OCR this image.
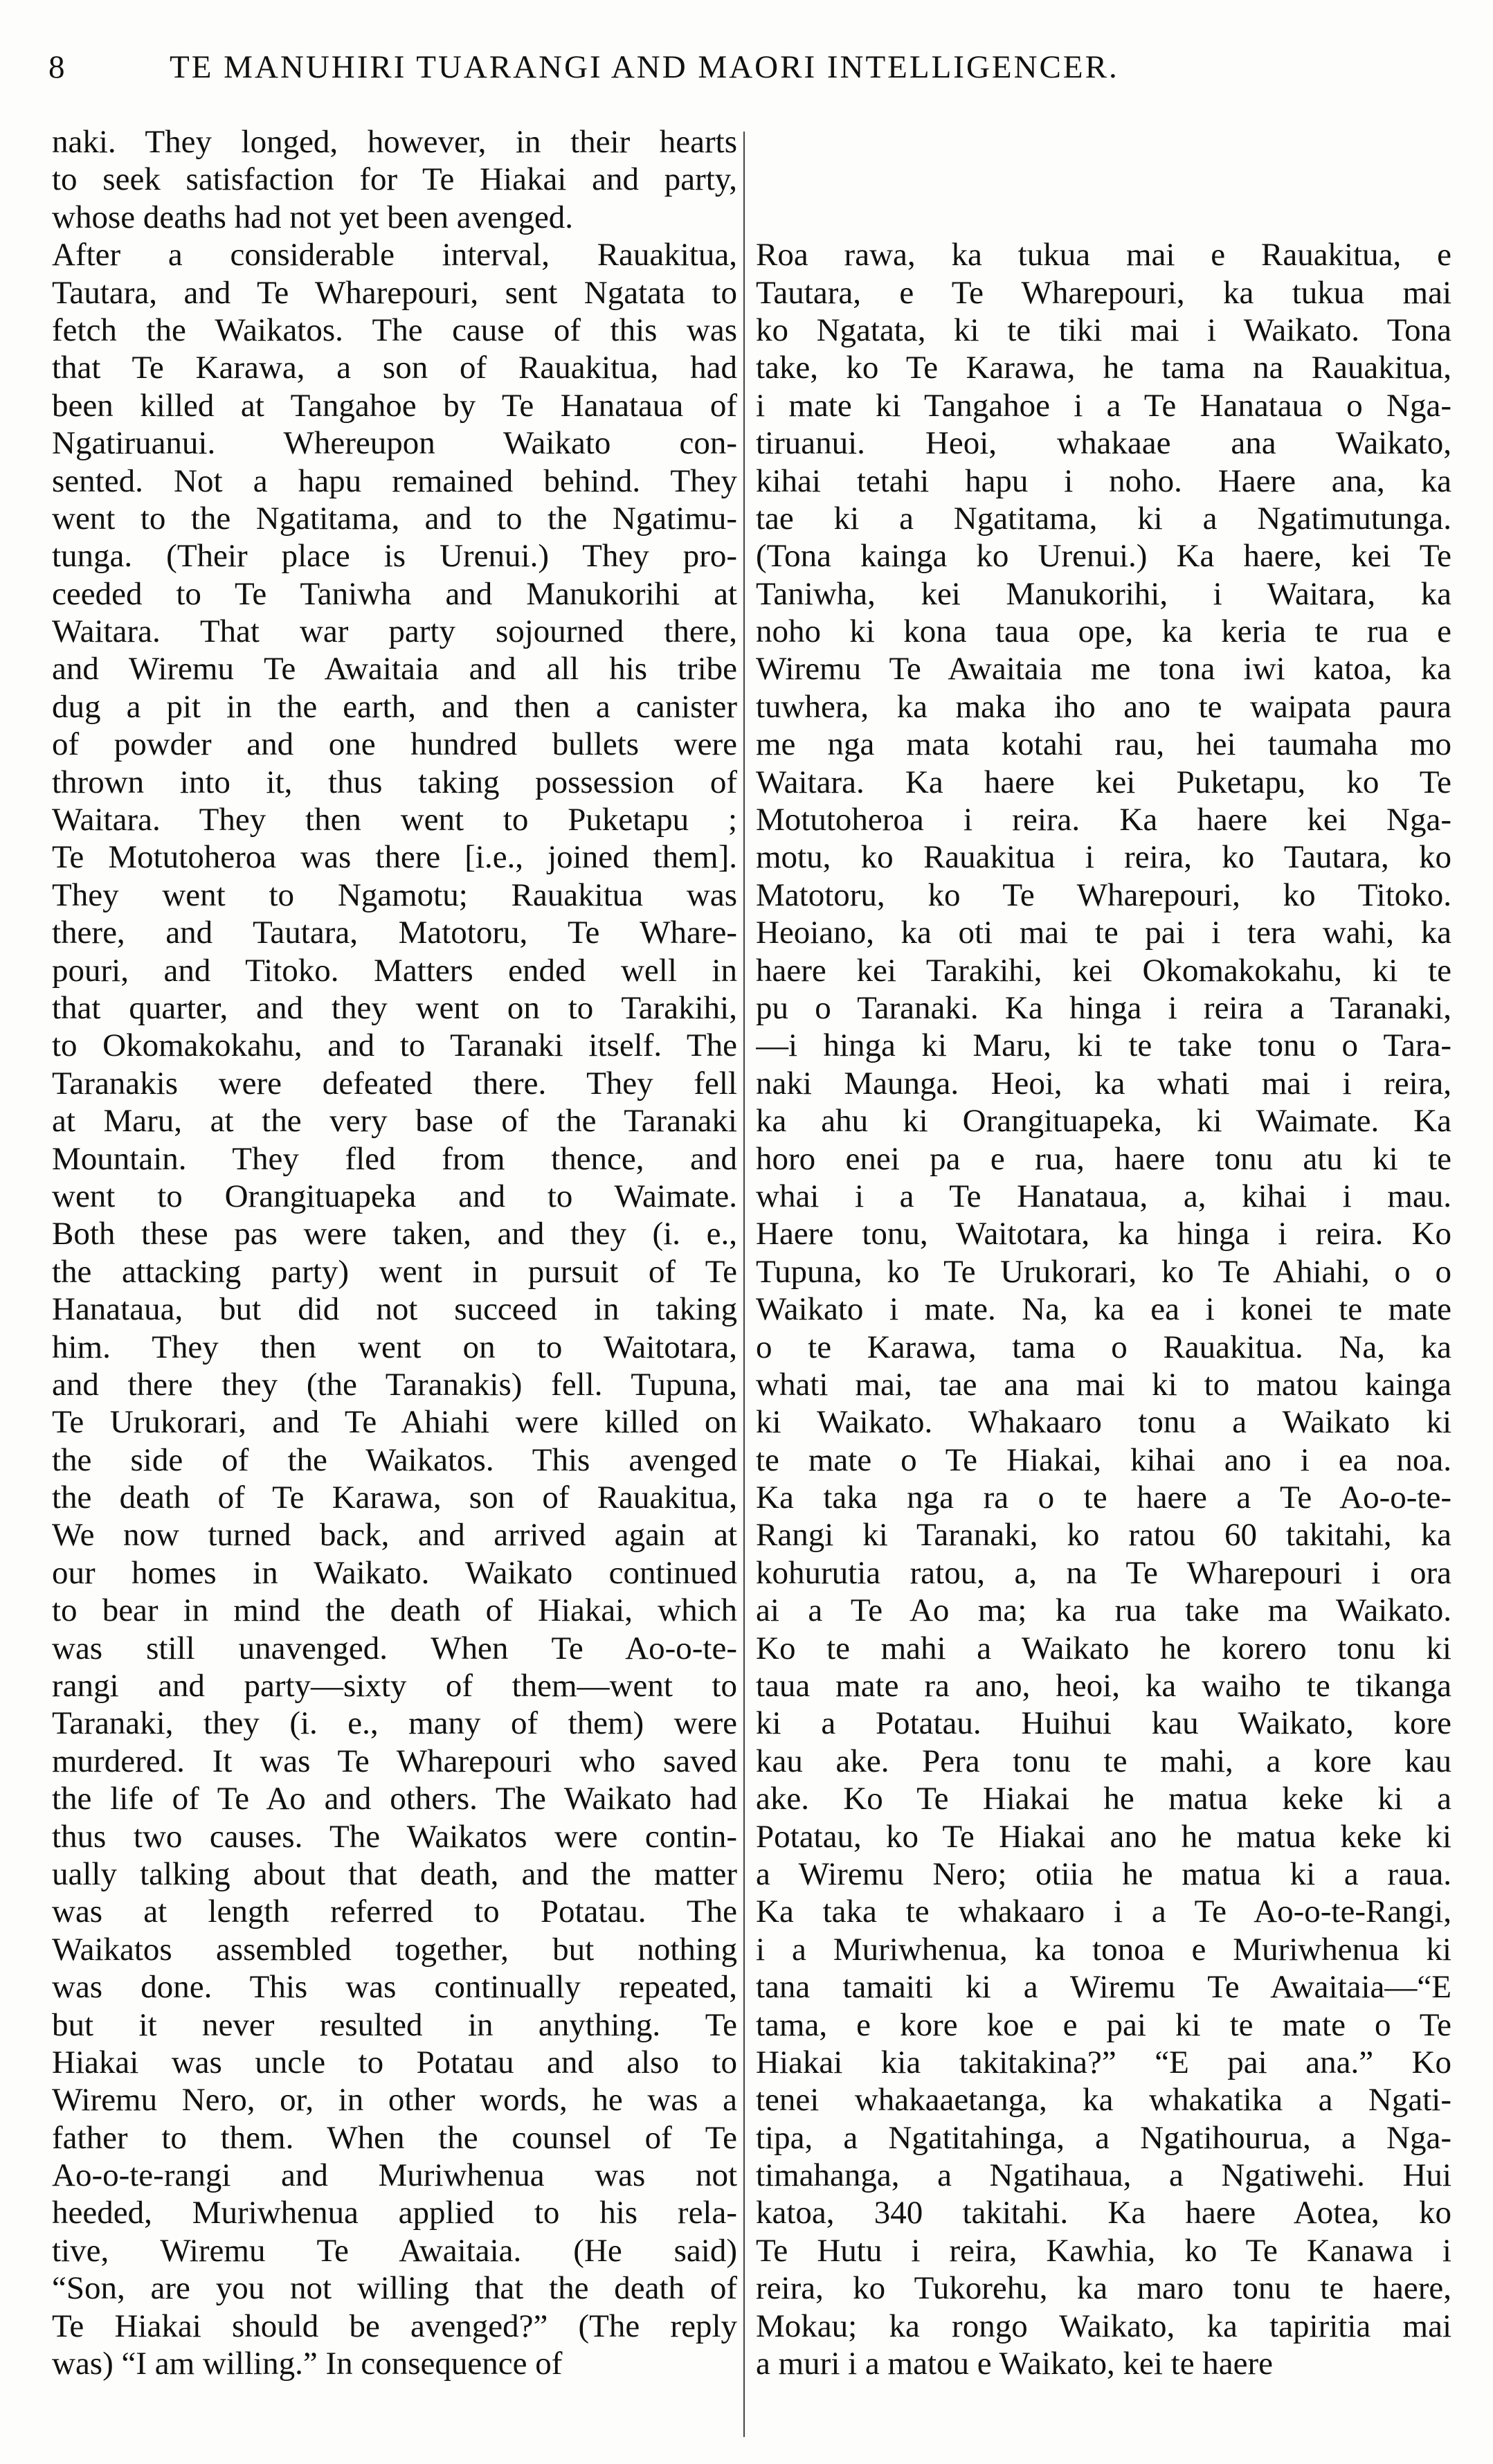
8	TE MANUHIRI TUARANGI AND MAORI INTELLIGENCER.
naki. They longed, however, in their hearts
to seek satisfaction for Te Hiakai and party,
whose deaths had not yet been avenged.
After a considerable interval, Rauakitua,
Tautara, and Te Wharepouri, sent Ngatata to
fetch the Waikatos. The cause of this was
that Te Karawa, a son of Rauakitua, had
been killed at Tangahoe by Te Hanataua of
Ngatiruanui. Whereupon Waikato con-
sented. Not a hapu remained behind. They
went to the Ngatitama, and to the Ngatimu-
tunga. (Their place is Urenui.) They pro-
ceeded to Te Taniwha and Manukorihi at
Waitara. That war party sojourned there,
and Wiremu Te Awaitaia and all his tribe
dug a pit in the earth, and then a canister
of powder and one hundred bullets were
thrown into it, thus taking possession of
Waitara. They then went to Puketapu ;
Te Motutoheroa was there [i.e., joined them].
They went to Ngamotu; Rauakitua was
there, and Tautara, Matotoru, Te Whare-
pouri, and Titoko. Matters ended well in
that quarter, and they went on to Tarakihi,
to Okomakokahu, and to Taranaki itself. The
Taranakis were defeated there. They fell
at Maru, at the very base of the Taranaki
Mountain. They fled from thence, and
went to Orangituapeka and to Waimate.
Both these pas were taken, and they (i. e.,
the attacking party) went in pursuit of Te
Hanataua, but did not succeed in taking
him. They then went on to Waitotara,
and there they (the Taranakis) fell. Tupuna,
Te Urukorari, and Te Ahiahi were killed on
the side of the Waikatos. This avenged
the death of Te Karawa, son of Rauakitua,
We now turned back, and arrived again at
our homes in Waikato. Waikato continued
to bear in mind the death of Hiakai, which
was still unavenged. When Te Ao-o-te-
rangi and party—sixty of them—went to
Taranaki, they (i. e., many of them) were
murdered. It was Te Wharepouri who saved
the life of Te Ao and others. The Waikato had
thus two causes. The Waikatos were contin-
ually talking about that death, and the matter
was at length referred to Potatau. The
Waikatos assembled together, but nothing
was done. This was continually repeated,
but it never resulted in anything. Te
Hiakai was uncle to Potatau and also to
Wiremu Nero, or, in other words, he was a
father to them. When the counsel of Te
Ao-o-te-rangi and Muriwhenua was not
heeded, Muriwhenua applied to his rela-
tive, Wiremu Te Awaitaia. (He said)
“Son, are you not willing that the death of
Te Hiakai should be avenged?” (The reply
was) “I am willing.” In consequence of
Roa rawa, ka tukua mai e Rauakitua, e
Tautara, e Te Wharepouri, ka tukua mai
ko Ngatata, ki te tiki mai i Waikato. Tona
take, ko Te Karawa, he tama na Rauakitua,
i mate ki Tangahoe i a Te Hanataua o Nga-
tiruanui. Heoi, whakaae ana Waikato,
kihai tetahi hapu i noho. Haere ana, ka
tae ki a Ngatitama, ki a Ngatimutunga.
(Tona kainga ko Urenui.) Ka haere, kei Te
Taniwha, kei Manukorihi, i Waitara, ka
noho ki kona taua ope, ka keria te rua e
Wiremu Te Awaitaia me tona iwi katoa, ka
tuwhera, ka maka iho ano te waipata paura
me nga mata kotahi rau, hei taumaha mo
Waitara. Ka haere kei Puketapu, ko Te
Motutoheroa i reira. Ka haere kei Nga-
motu, ko Rauakitua i reira, ko Tautara, ko
Matotoru, ko Te Wharepouri, ko Titoko.
Heoiano, ka oti mai te pai i tera wahi, ka
haere kei Tarakihi, kei Okomakokahu, ki te
pu o Taranaki. Ka hinga i reira a Taranaki,
—i hinga ki Maru, ki te take tonu o Tara-
naki Maunga. Heoi, ka whati mai i reira,
ka ahu ki Orangituapeka, ki Waimate. Ka
horo enei pa e rua, haere tonu atu ki te
whai i a Te Hanataua, a, kihai i mau.
Haere tonu, Waitotara, ka hinga i reira. Ko
Tupuna, ko Te Urukorari, ko Te Ahiahi, o o
Waikato i mate. Na, ka ea i konei te mate
o te Karawa, tama o Rauakitua. Na, ka
whati mai, tae ana mai ki to matou kainga
ki Waikato. Whakaaro tonu a Waikato ki
te mate o Te Hiakai, kihai ano i ea noa.
Ka taka nga ra o te haere a Te Ao-o-te-
Rangi ki Taranaki, ko ratou 60 takitahi, ka
kohurutia ratou, a, na Te Wharepouri i ora
ai a Te Ao ma; ka rua take ma Waikato.
Ko te mahi a Waikato he korero tonu ki
taua mate ra ano, heoi, ka waiho te tikanga
ki a Potatau. Huihui kau Waikato, kore
kau ake. Pera tonu te mahi, a kore kau
ake. Ko Te Hiakai he matua keke ki a
Potatau, ko Te Hiakai ano he matua keke ki
a Wiremu Nero; otiia he matua ki a raua.
Ka taka te whakaaro i a Te Ao-o-te-Rangi,
i a Muriwhenua, ka tonoa e Muriwhenua ki
tana tamaiti ki a Wiremu Te Awaitaia—“E
tama, e kore koe e pai ki te mate o Te
Hiakai kia takitakina?” “E pai ana.” Ko
tenei whakaaetanga, ka whakatika a Ngati-
tipa, a Ngatitahinga, a Ngatihourua, a Nga-
timahanga, a Ngatihaua, a Ngatiwehi. Hui
katoa, 340 takitahi. Ka haere Aotea, ko
Te Hutu i reira, Kawhia, ko Te Kanawa i
reira, ko Tukorehu, ka maro tonu te haere,
Mokau; ka rongo Waikato, ka tapiritia mai
a muri i a matou e Waikato, kei te haere
